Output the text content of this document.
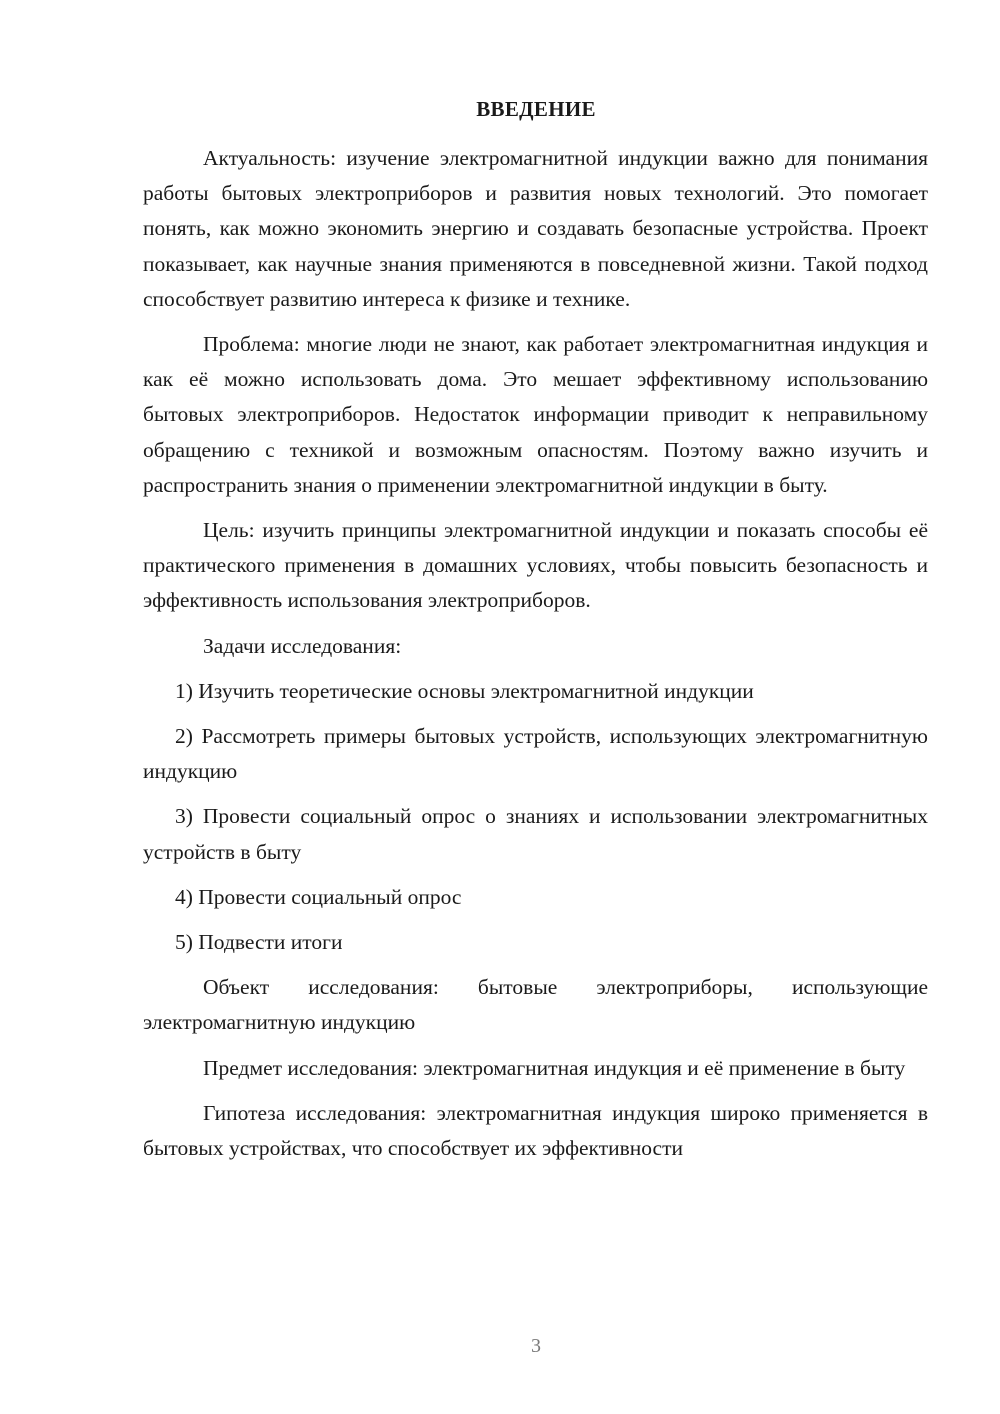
ВВЕДЕНИЕ

Актуальность: изучение электромагнитной индукции важно для понимания работы бытовых электроприборов и развития новых технологий. Это помогает понять, как можно экономить энергию и создавать безопасные устройства. Проект показывает, как научные знания применяются в повседневной жизни. Такой подход способствует развитию интереса к физике и технике.

Проблема: многие люди не знают, как работает электромагнитная индукция и как её можно использовать дома. Это мешает эффективному использованию бытовых электроприборов. Недостаток информации приводит к неправильному обращению с техникой и возможным опасностям. Поэтому важно изучить и распространить знания о применении электромагнитной индукции в быту.

Цель: изучить принципы электромагнитной индукции и показать способы её практического применения в домашних условиях, чтобы повысить безопасность и эффективность использования электроприборов.

Задачи исследования:

1) Изучить теоретические основы электромагнитной индукции

2) Рассмотреть примеры бытовых устройств, использующих электромагнитную индукцию

3) Провести социальный опрос о знаниях и использовании электромагнитных устройств в быту

4) Провести социальный опрос

5) Подвести итоги

Объект исследования: бытовые электроприборы, использующие электромагнитную индукцию

Предмет исследования: электромагнитная индукция и её применение в быту

Гипотеза исследования: электромагнитная индукция широко применяется в бытовых устройствах, что способствует их эффективности

3
